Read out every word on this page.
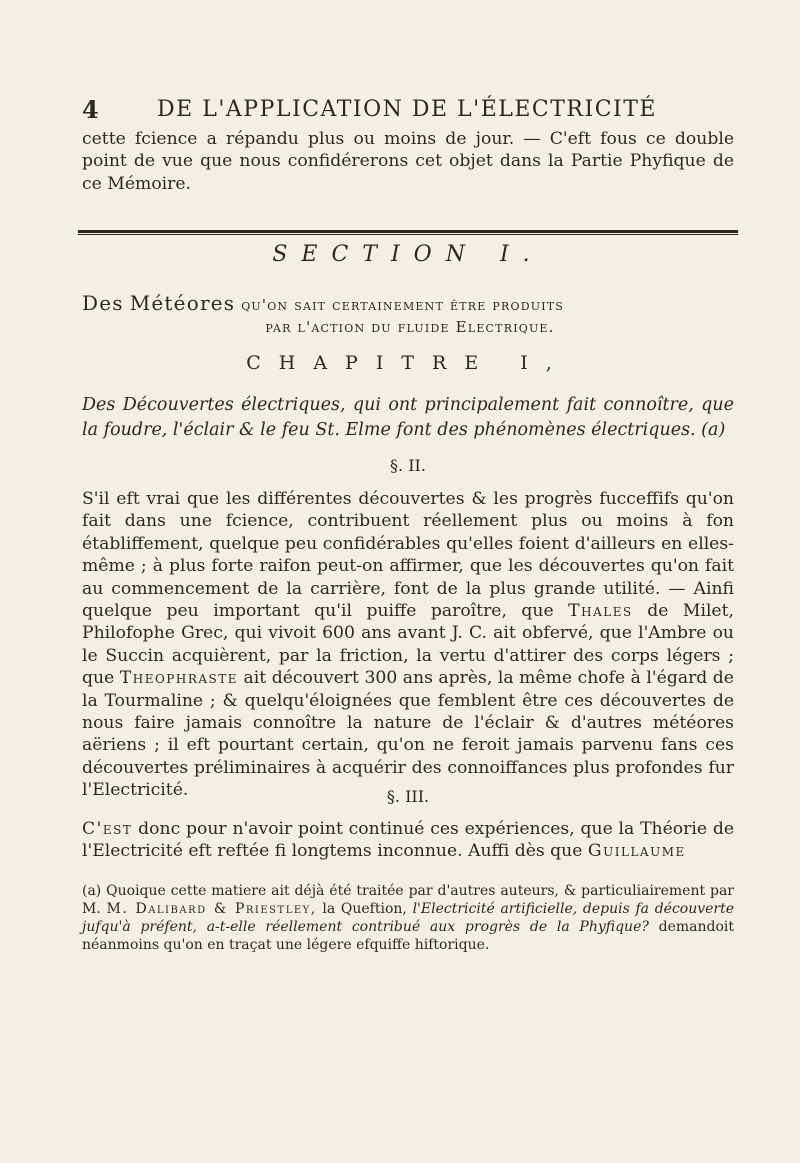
4	DE L'APPLICATION DE L'ÉLECTRICITÉ
cette fcience a répandu plus ou moins de jour. — C'eft fous ce double point de vue que nous confidérerons cet objet dans la Partie Phyfique de ce Mémoire.
SECTION I.
Des Météores qu'on sait certainement être produits
par l'action du fluide Electrique.
CHAPITRE I,
Des Découvertes électriques, qui ont principalement fait connoître, que la foudre, l'éclair & le feu St. Elme font des phénomènes électriques. (a)
§. II.
S'il eft vrai que les différentes découvertes & les progrès fucceffifs qu'on fait dans une fcience, contribuent réellement plus ou moins à fon établiffement, quelque peu confidérables qu'elles foient d'ailleurs en elles-même ; à plus forte raifon peut-on affirmer, que les découvertes qu'on fait au commencement de la carrière, font de la plus grande utilité. — Ainfi quelque peu important qu'il puiffe paroître, que Thales de Milet, Philofophe Grec, qui vivoit 600 ans avant J. C. ait obfervé, que l'Ambre ou le Succin acquièrent, par la friction, la vertu d'attirer des corps légers ; que Theophraste ait découvert 300 ans après, la même chofe à l'égard de la Tourmaline ; & quelqu'éloignées que femblent être ces découvertes de nous faire jamais connoître la nature de l'éclair & d'autres météores aëriens ; il eft pourtant certain, qu'on ne feroit jamais parvenu fans ces découvertes préliminaires à acquérir des connoiffances plus profondes fur l'Electricité.	§. III.
C'est donc pour n'avoir point continué ces expériences, que la Théorie de l'Electricité eft reftée fi longtems inconnue. Auffi dès que Guillaume
(a) Quoique cette matiere ait déjà été traitée par d'autres auteurs, & particuliairement par M. M. Dalibard & Priestley, la Queftion, l'Electricité artificielle, depuis fa découverte jufqu'à préfent, a-t-elle réellement contribué aux progrès de la Phyfique? demandoit néanmoins qu'on en traçat une légere efquiffe hiftorique.
